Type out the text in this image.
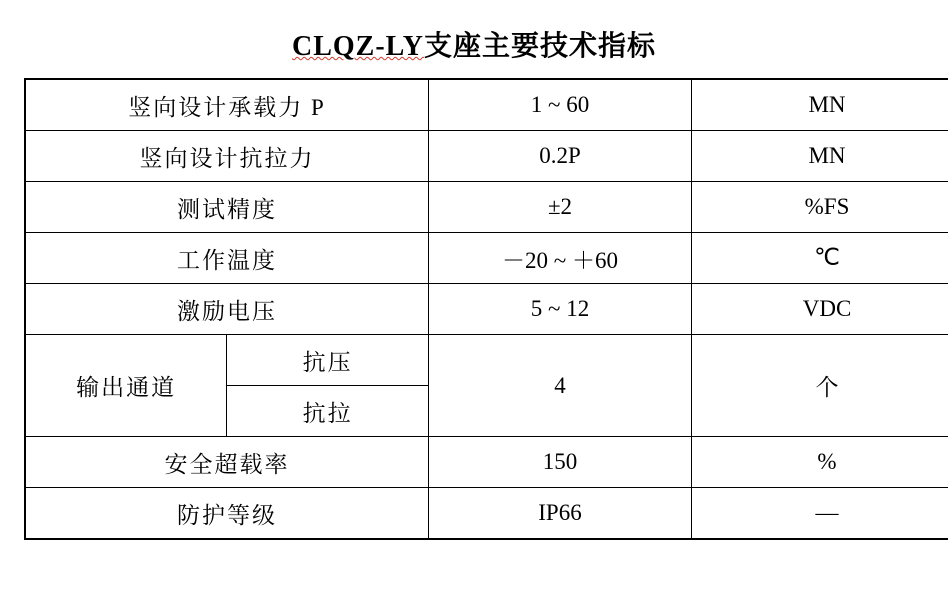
CLQZ-LY支座主要技术指标
竖向设计承载力 P		1 ~ 60	MN
竖向设计抗拉力		0.2P	MN
测试精度		±2	%FS
工作温度		－20 ~ ＋60	℃
激励电压		5 ~ 12	VDC
输出通道	抗压	4	个
	抗拉		
安全超载率		150	%
防护等级		IP66	—
